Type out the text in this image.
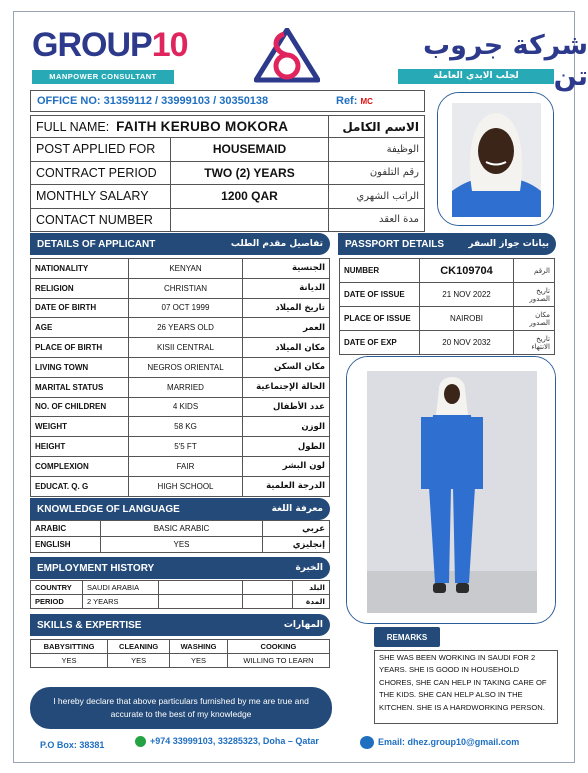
GROUP10
MANPOWER CONSULTANT
شركة جروب تن
لجلب الايدي العاملة
OFFICE NO: 31359112 / 33999103 / 30350138	Ref: MC
FULL NAME: FAITH KERUBO MOKORA		الاسم الكامل
POST APPLIED FOR	HOUSEMAID	الوظيفة
CONTRACT PERIOD	TWO (2) YEARS	رقم التلفون
MONTHLY SALARY	1200 QAR	الراتب الشهري
CONTACT NUMBER		مدة العقد
DETAILS OF APPLICANT	تفاصيل مقدم الطلب
NATIONALITY	KENYAN	الجنسية
RELIGION	CHRISTIAN	الديانة
DATE OF BIRTH	07 OCT 1999	تاريخ الميلاد
AGE	26 YEARS OLD	العمر
PLACE OF BIRTH	KISII CENTRAL	مكان الميلاد
LIVING TOWN	NEGROS ORIENTAL	مكان السكن
MARITAL STATUS	MARRIED	الحالة الإجتماعية
NO. OF CHILDREN	4 KIDS	عدد الأطفال
WEIGHT	58 KG	الوزن
HEIGHT	5'5 FT	الطول
COMPLEXION	FAIR	لون البشر
EDUCAT. Q. G	HIGH SCHOOL	الدرجة العلمية
PASSPORT DETAILS	بيانات جواز السفر
NUMBER	CK109704	الرقم
DATE OF ISSUE	21 NOV 2022	تاريخ الصدور
PLACE OF ISSUE	NAIROBI	مكان الصدور
DATE OF EXP	20 NOV 2032	تاريخ الانتهاء
KNOWLEDGE OF LANGUAGE	معرفة اللغة
ARABIC	BASIC ARABIC	عربي
ENGLISH	YES	إنجليزي
EMPLOYMENT HISTORY	الخبرة
COUNTRY	SAUDI ARABIA			البلد
PERIOD	2 YEARS			المدة
SKILLS & EXPERTISE	المهارات
BABYSITTING	CLEANING	WASHING	COOKING
YES	YES	YES	WILLING TO LEARN
REMARKS
SHE WAS BEEN WORKING IN SAUDI FOR 2 YEARS. SHE IS GOOD IN HOUSEHOLD CHORES, SHE CAN HELP IN TAKING CARE OF THE KIDS. SHE CAN HELP ALSO IN THE KITCHEN. SHE IS A HARDWORKING PERSON.
I hereby declare that above particulars furnished by me are true and accurate to the best of my knowledge
P.O Box: 38381	+974 33999103, 33285323, Doha – Qatar	Email: dhez.group10@gmail.com
